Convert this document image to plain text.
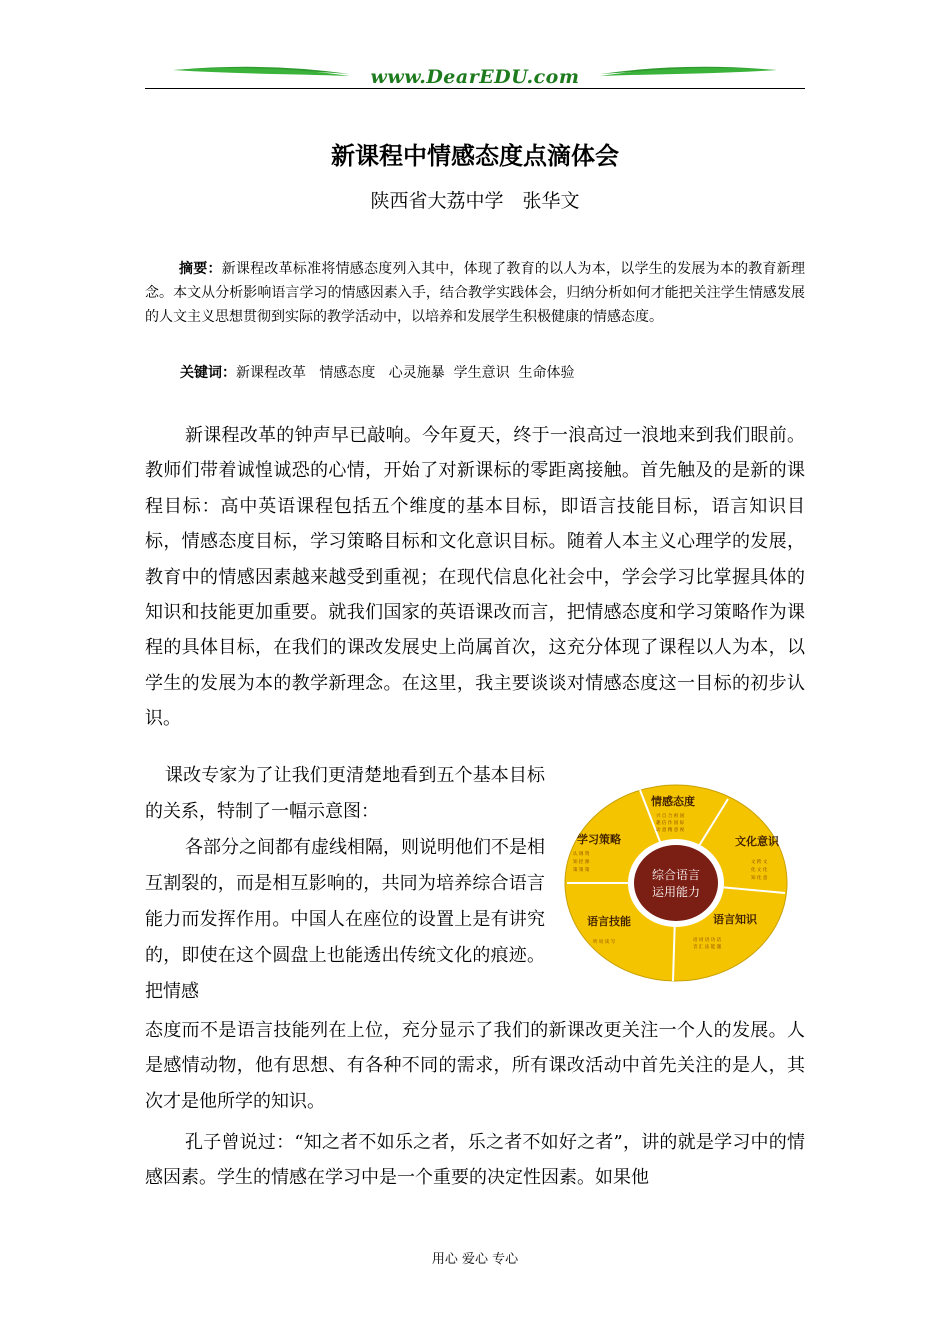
www.DearEDU.com
新课程中情感态度点滴体会
陕西省大荔中学　张华文
摘要：新课程改革标准将情感态度列入其中，体现了教育的以人为本，以学生的发展为本的教育新理念。本文从分析影响语言学习的情感因素入手，结合教学实践体会，归纳分析如何才能把关注学生情感发展的人文主义思想贯彻到实际的教学活动中，以培养和发展学生积极健康的情感态度。
关键词：新课程改革   情感态度   心灵施暴  学生意识  生命体验
新课程改革的钟声早已敲响。今年夏天，终于一浪高过一浪地来到我们眼前。教师们带着诚惶诚恐的心情，开始了对新课标的零距离接触。首先触及的是新的课程目标：高中英语课程包括五个维度的基本目标，即语言技能目标，语言知识目标，情感态度目标，学习策略目标和文化意识目标。随着人本主义心理学的发展，教育中的情感因素越来越受到重视；在现代信息化社会中，学会学习比掌握具体的知识和技能更加重要。就我们国家的英语课改而言，把情感态度和学习策略作为课程的具体目标，在我们的课改发展史上尚属首次，这充分体现了课程以人为本，以学生的发展为本的教学新理念。在这里，我主要谈谈对情感态度这一目标的初步认识。
课改专家为了让我们更清楚地看到五个基本目标的关系，特制了一幅示意图：
各部分之间都有虚线相隔，则说明他们不是相互割裂的，而是相互影响的，共同为培养综合语言能力而发挥作用。中国人在座位的设置上是有讲究的，即使在这个圆盘上也能透出传统文化的痕迹。把情感
态度而不是语言技能列在上位，充分显示了我们的新课改更关注一个人的发展。人是感情动物，他有思想、有各种不同的需求，所有课改活动中首先关注的是人，其次才是他所学的知识。
孔子曾说过：“知之者不如乐之者，乐之者不如好之者”，讲的就是学习中的情感因素。学生的情感在学习中是一个重要的决定性因素。如果他
兴 自 合 祖 国
趣 信 作 国 际
动 意 精 意 视
认 调 资
知 控 源
策 策 策
文 跨 文
化 文 化
知 化 意
语 词 语 功 话
音 汇 法 能 题
听 说 读 写
情感态度
文化意识
语言知识
语言技能
学习策略
综合语言
运用能力
用心 爱心 专心
